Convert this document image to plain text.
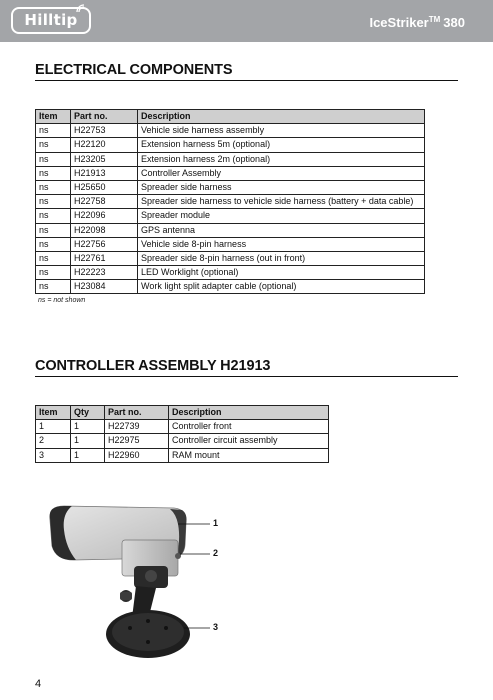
Hilltip	IceStriker™ 380
ELECTRICAL COMPONENTS
Item	Part no.	Description
ns	H22753	Vehicle side harness assembly
ns	H22120	Extension harness 5m (optional)
ns	H23205	Extension harness 2m (optional)
ns	H21913	Controller Assembly
ns	H25650	Spreader side harness
ns	H22758	Spreader side harness to vehicle side harness (battery + data cable)
ns	H22096	Spreader module
ns	H22098	GPS antenna
ns	H22756	Vehicle side 8-pin harness
ns	H22761	Spreader side 8-pin harness (out in front)
ns	H22223	LED Worklight (optional)
ns	H23084	Work light split adapter cable (optional)
ns = not shown
CONTROLLER ASSEMBLY H21913
Item	Qty	Part no.	Description
1	1	H22739	Controller front
2	1	H22975	Controller circuit assembly
3	1	H22960	RAM mount
1
2
3
4
